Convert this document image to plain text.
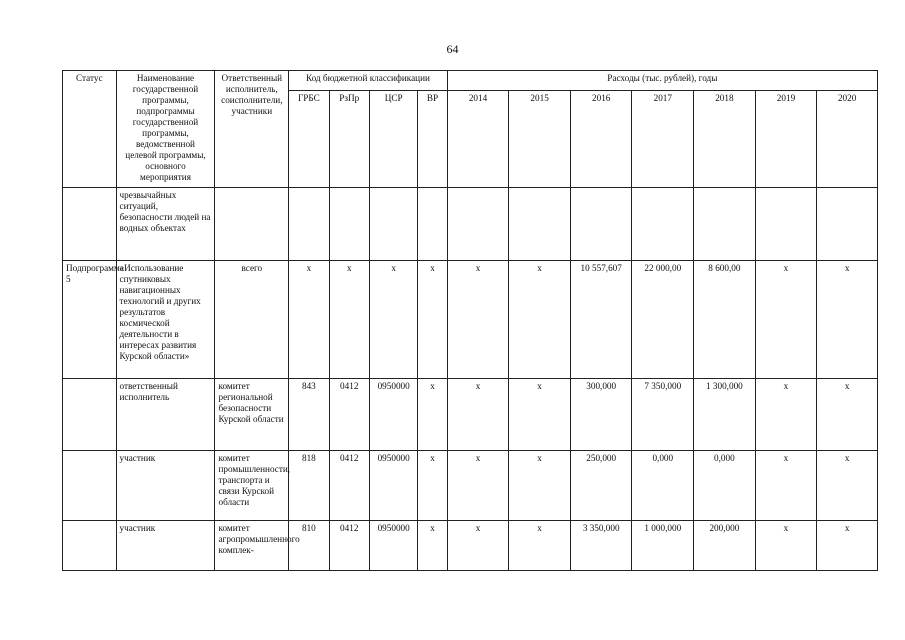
64
Статус	Наименование государственной программы, подпрограммы государственной программы, ведомственной целевой программы, основного мероприятия	Ответственный исполнитель, соисполнители, участники	Код бюджетной классификации				Расходы (тыс. рублей), годы						
			ГРБС	РзПр	ЦСР	ВР	2014	2015	2016	2017	2018	2019	2020
	чрезвычайных ситуаций, безопасности людей на водных объектах												
Подпрограмма 5	«Использование спутниковых навигационных технологий и других результатов космической деятельности в интересах развития Курской области»	всего	x	x	x	x	x	x	10 557,607	22 000,00	8 600,00	x	x
	ответственный исполнитель	комитет региональной безопасности Курской области	843	0412	0950000	x	x	x	300,000	7 350,000	1 300,000	x	x
	участник	комитет промышленности, транспорта и связи Курской области	818	0412	0950000	x	x	x	250,000	0,000	0,000	x	x
	участник	комитет агропромышленного комплек-	810	0412	0950000	x	x	x	3 350,000	1 000,000	200,000	x	x
